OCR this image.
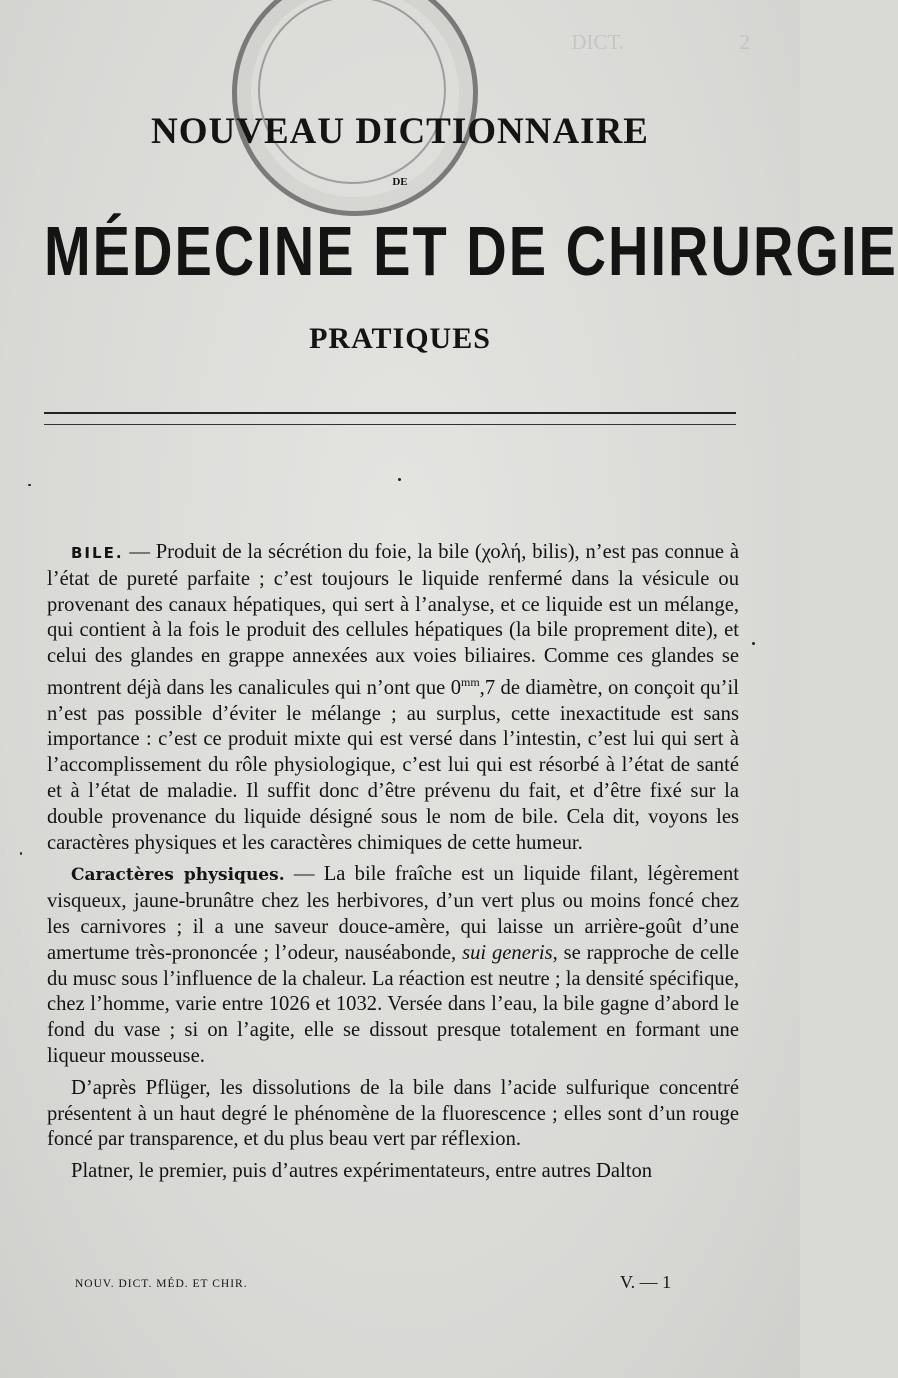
DICT.                      2

NOUVEAU DICTIONNAIRE
DE
MÉDECINE ET DE CHIRURGIE
PRATIQUES

BILE. — Produit de la sécrétion du foie, la bile (χολή, bilis), n’est pas connue à l’état de pureté parfaite ; c’est toujours le liquide renfermé dans la vésicule ou provenant des canaux hépatiques, qui sert à l’analyse, et ce liquide est un mélange, qui contient à la fois le produit des cellules hépatiques (la bile proprement dite), et celui des glandes en grappe annexées aux voies biliaires. Comme ces glandes se montrent déjà dans les canalicules qui n’ont que $0^{mm},7$ de diamètre, on conçoit qu’il n’est pas possible d’éviter le mélange ; au surplus, cette inexactitude est sans importance : c’est ce produit mixte qui est versé dans l’intestin, c’est lui qui sert à l’accomplissement du rôle physiologique, c’est lui qui est résorbé à l’état de santé et à l’état de maladie. Il suffit donc d’être prévenu du fait, et d’être fixé sur la double provenance du liquide désigné sous le nom de bile. Cela dit, voyons les caractères physiques et les caractères chimiques de cette humeur.

Caractères physiques. — La bile fraîche est un liquide filant, légèrement visqueux, jaune-brunâtre chez les herbivores, d’un vert plus ou moins foncé chez les carnivores ; il a une saveur douce-amère, qui laisse un arrière-goût d’une amertume très-prononcée ; l’odeur, nauséabonde, sui generis, se rapproche de celle du musc sous l’influence de la chaleur. La réaction est neutre ; la densité spécifique, chez l’homme, varie entre 1026 et 1032. Versée dans l’eau, la bile gagne d’abord le fond du vase ; si on l’agite, elle se dissout presque totalement en formant une liqueur mousseuse.

D’après Pflüger, les dissolutions de la bile dans l’acide sulfurique concentré présentent à un haut degré le phénomène de la fluorescence ; elles sont d’un rouge foncé par transparence, et du plus beau vert par réflexion.

Platner, le premier, puis d’autres expérimentateurs, entre autres Dalton

NOUV. DICT. MÉD. ET CHIR.	V. — 1
